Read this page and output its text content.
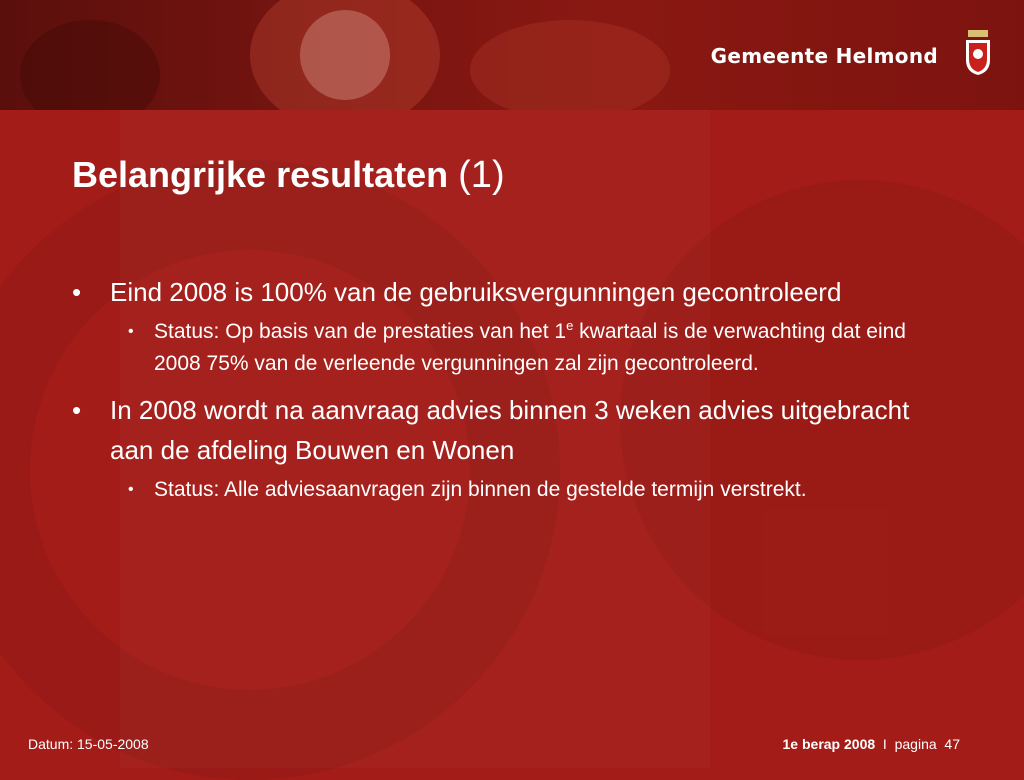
Gemeente Helmond
Belangrijke resultaten (1)
• Eind 2008 is 100% van de gebruiksvergunningen gecontroleerd
• Status: Op basis van de prestaties van het 1e kwartaal is de verwachting dat eind 2008 75% van de verleende vergunningen zal zijn gecontroleerd.
• In 2008 wordt na aanvraag advies binnen 3 weken advies uitgebracht aan de afdeling Bouwen en Wonen
• Status: Alle adviesaanvragen zijn binnen de gestelde termijn verstrekt.
Datum: 15-05-2008	1e berap 2008 I pagina 47
